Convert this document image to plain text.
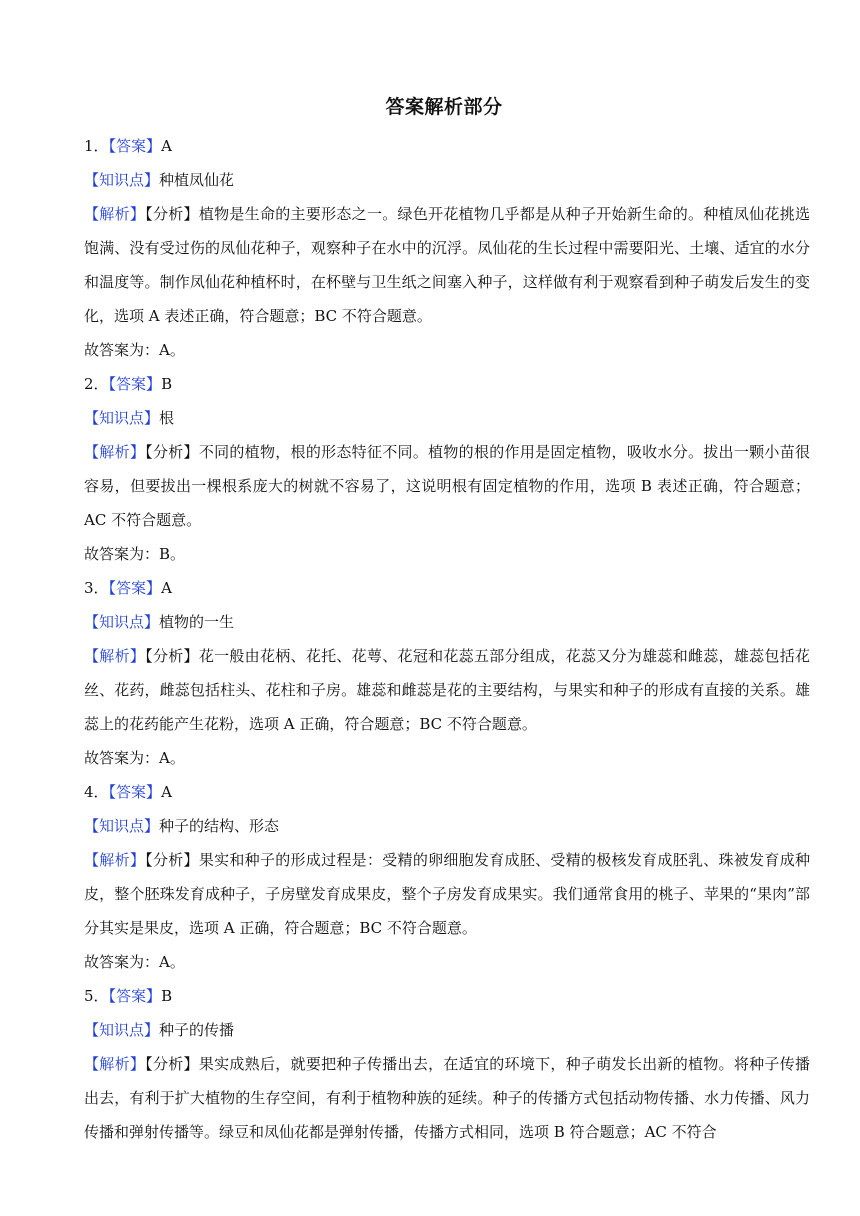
答案解析部分

1．【答案】A

【知识点】种植凤仙花

【解析】【分析】植物是生命的主要形态之一。绿色开花植物几乎都是从种子开始新生命的。种植凤仙花挑选饱满、没有受过伤的凤仙花种子，观察种子在水中的沉浮。凤仙花的生长过程中需要阳光、土壤、适宜的水分和温度等。制作凤仙花种植杯时，在杯壁与卫生纸之间塞入种子，这样做有利于观察看到种子萌发后发生的变化，选项 A 表述正确，符合题意；BC 不符合题意。

故答案为：A。

2．【答案】B

【知识点】根

【解析】【分析】不同的植物，根的形态特征不同。植物的根的作用是固定植物，吸收水分。拔出一颗小苗很容易，但要拔出一棵根系庞大的树就不容易了，这说明根有固定植物的作用，选项 B 表述正确，符合题意；AC 不符合题意。

故答案为：B。

3．【答案】A

【知识点】植物的一生

【解析】【分析】花一般由花柄、花托、花萼、花冠和花蕊五部分组成，花蕊又分为雄蕊和雌蕊，雄蕊包括花丝、花药，雌蕊包括柱头、花柱和子房。雄蕊和雌蕊是花的主要结构，与果实和种子的形成有直接的关系。雄蕊上的花药能产生花粉，选项 A 正确，符合题意；BC 不符合题意。

故答案为：A。

4．【答案】A

【知识点】种子的结构、形态

【解析】【分析】果实和种子的形成过程是：受精的卵细胞发育成胚、受精的极核发育成胚乳、珠被发育成种皮，整个胚珠发育成种子，子房壁发育成果皮，整个子房发育成果实。我们通常食用的桃子、苹果的“果肉”部分其实是果皮，选项 A 正确，符合题意；BC 不符合题意。

故答案为：A。

5．【答案】B

【知识点】种子的传播

【解析】【分析】果实成熟后，就要把种子传播出去，在适宜的环境下，种子萌发长出新的植物。将种子传播出去，有利于扩大植物的生存空间，有利于植物种族的延续。种子的传播方式包括动物传播、水力传播、风力传播和弹射传播等。绿豆和凤仙花都是弹射传播，传播方式相同，选项 B 符合题意；AC 不符合
